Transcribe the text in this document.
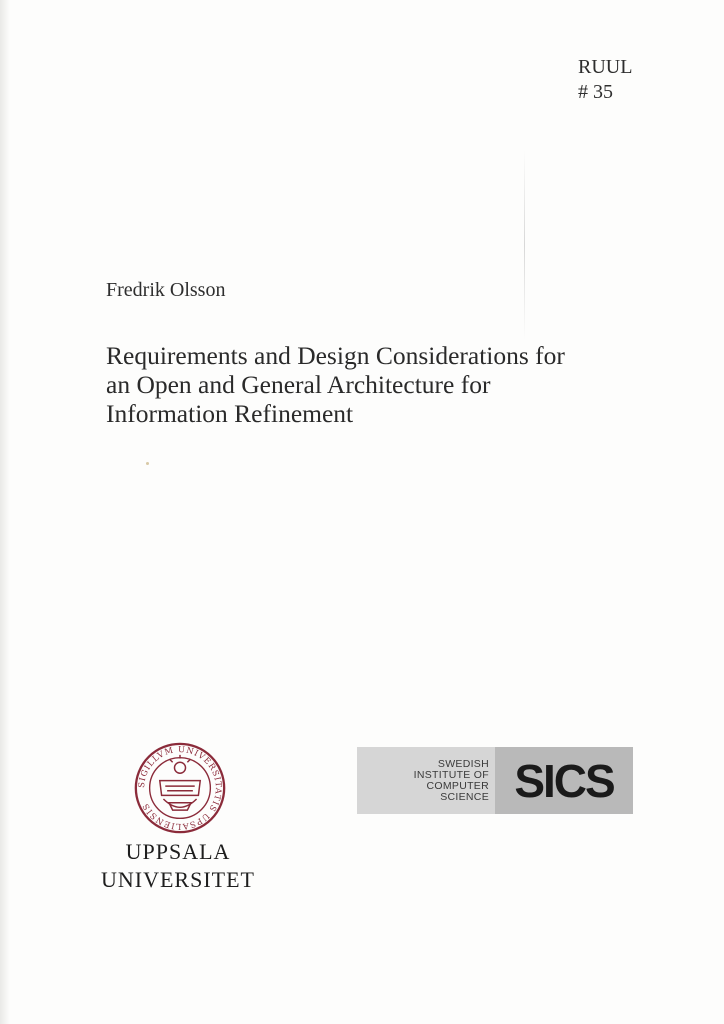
RUUL
# 35
Fredrik Olsson
Requirements and Design Considerations for
an Open and General Architecture for
Information Refinement
SIGILLVM UNIVERSITATIS UPSALIENSIS
UPPSALA
UNIVERSITET
SWEDISH
INSTITUTE OF
COMPUTER
SCIENCE SICS
